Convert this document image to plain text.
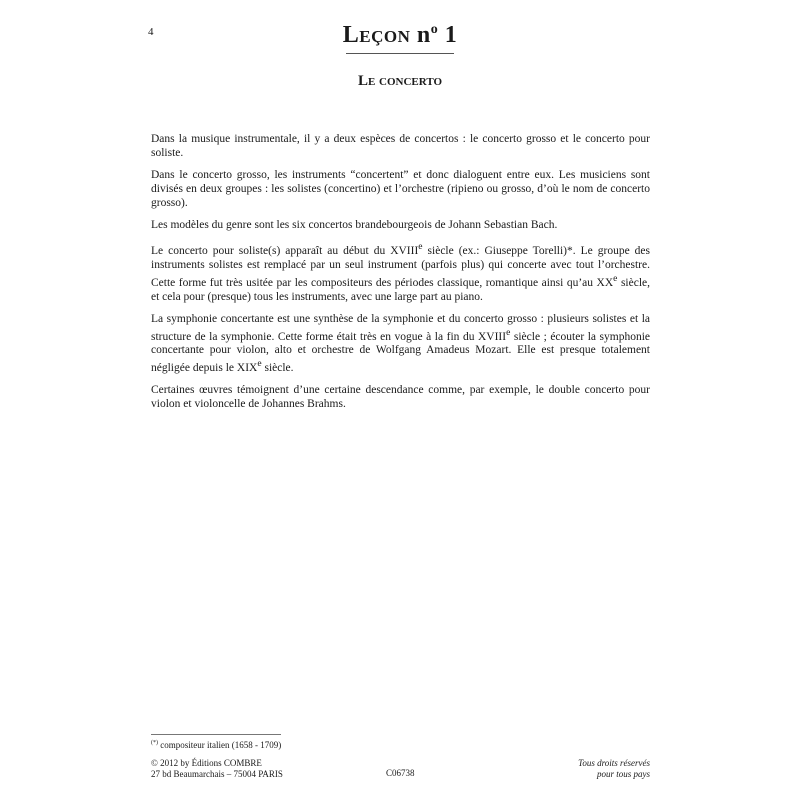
4	Leçon $n^o$ 1
Le concerto

Dans la musique instrumentale, il y a deux espèces de concertos : le concerto grosso et le concerto pour soliste.

Dans le concerto grosso, les instruments “concertent” et donc dialoguent entre eux. Les musiciens sont divisés en deux groupes : les solistes (concertino) et l’orchestre (ripieno ou grosso, d’où le nom de concerto grosso).

Les modèles du genre sont les six concertos brandebourgeois de Johann Sebastian Bach.

Le concerto pour soliste(s) apparaît au début du XVIIIe siècle (ex.: Giuseppe Torelli)*. Le groupe des instruments solistes est remplacé par un seul instrument (parfois plus) qui concerte avec tout l’orchestre. Cette forme fut très usitée par les compositeurs des périodes classique, romantique ainsi qu’au XXe siècle, et cela pour (presque) tous les instruments, avec une large part au piano.

La symphonie concertante est une synthèse de la symphonie et du concerto grosso : plusieurs solistes et la structure de la symphonie. Cette forme était très en vogue à la fin du XVIIIe siècle ; écouter la symphonie concertante pour violon, alto et orchestre de Wolfgang Amadeus Mozart. Elle est presque totalement négligée depuis le XIXe siècle.

Certaines œuvres témoignent d’une certaine descendance comme, par exemple, le double concerto pour violon et violoncelle de Johannes Brahms.

(*) compositeur italien (1658 - 1709)
© 2012 by Éditions COMBRE
27 bd Beaumarchais – 75004 PARIS	C06738
Tous droits réservés
pour tous pays
